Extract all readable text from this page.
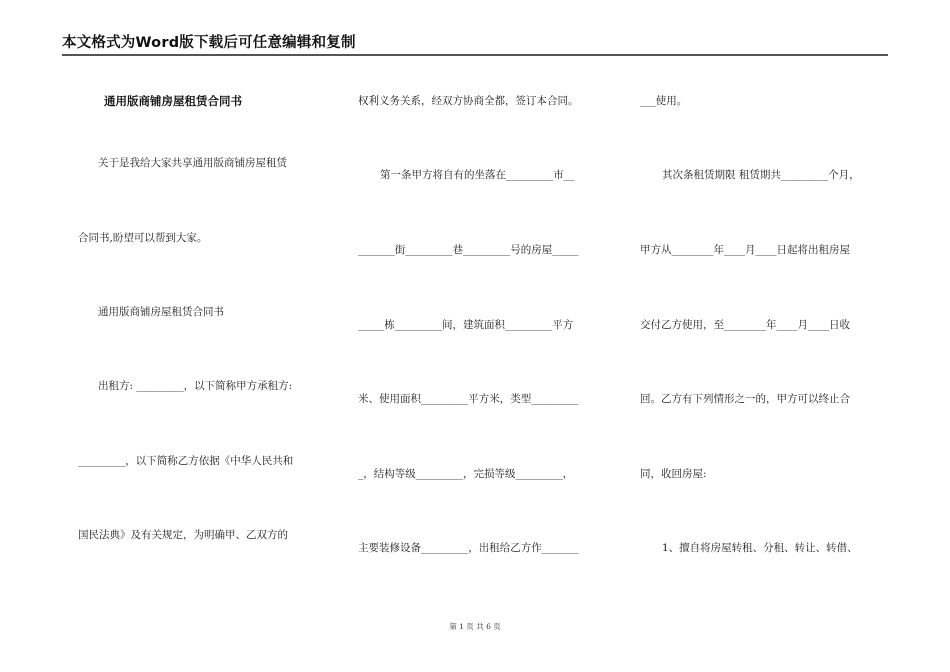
本文格式为Word版下载后可任意编辑和复制
通用版商铺房屋租赁合同书
关于是我给大家共享通用版商铺房屋租赁
合同书,盼望可以帮到大家。
通用版商铺房屋租赁合同书
出租方: _________，以下简称甲方承租方:
_________，以下简称乙方依据《中华人民共和
国民法典》及有关规定，为明确甲、乙双方的
权利义务关系，经双方协商全都，签订本合同。
第一条甲方将自有的坐落在_________市__
_______街_________巷_________号的房屋_____
_____栋_________间，建筑面积_________平方
米、使用面积_________平方米，类型_________
_，结构等级_________，完损等级_________，
主要装修设备_________，出租给乙方作_______
___使用。
其次条租赁期限 租赁期共_________个月，
甲方从________年____月____日起将出租房屋
交付乙方使用，至________年____月____日收
回。乙方有下列情形之一的，甲方可以终止合
同，收回房屋:
1、擅自将房屋转租、分租、转让、转借、
第 1 页 共 6 页
